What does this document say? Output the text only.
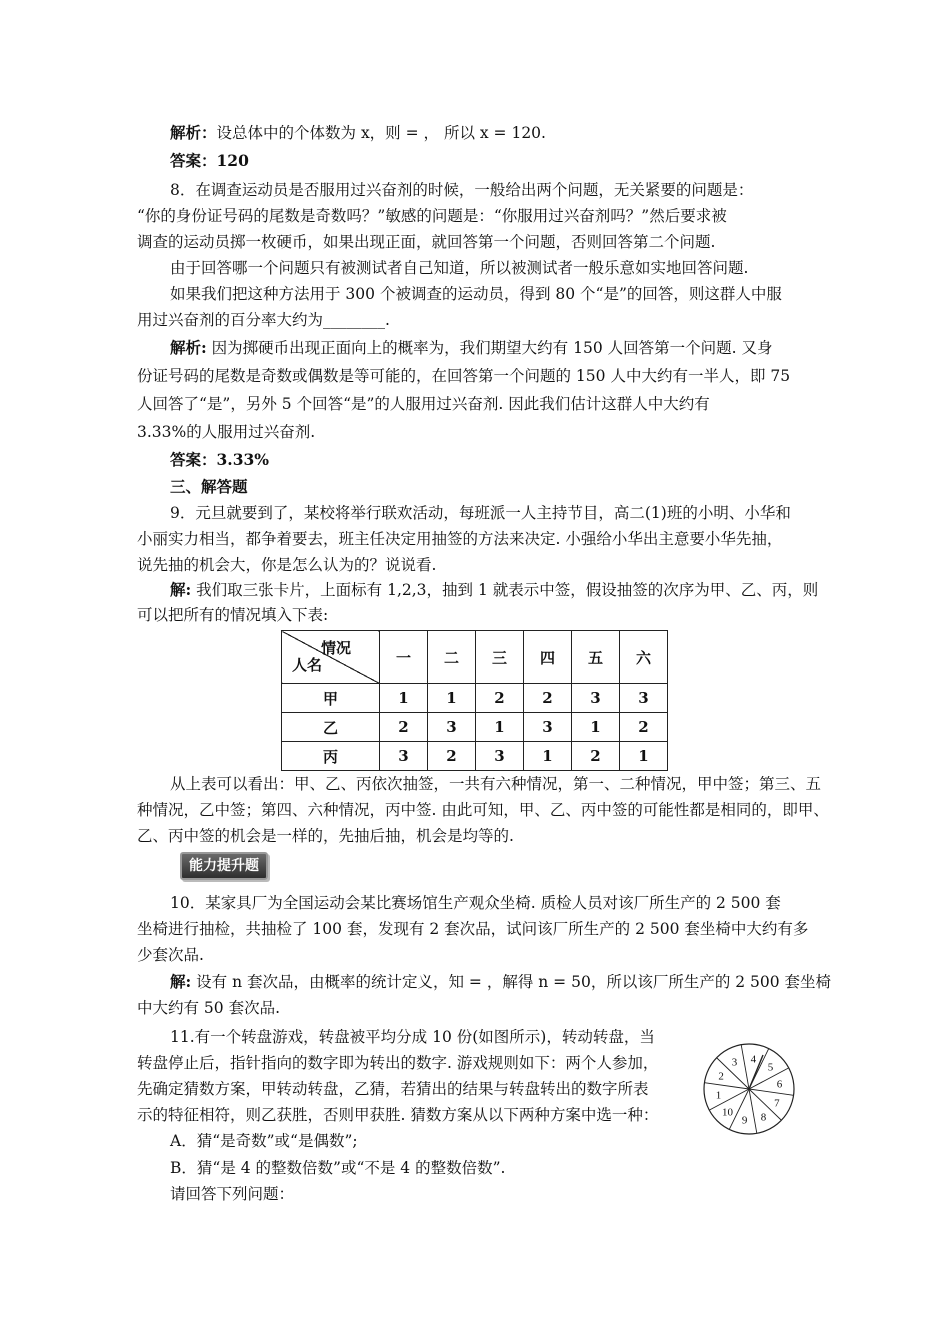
解析：设总体中的个体数为 x，则 = ， 所以 x = 120.
答案：120
8．在调查运动员是否服用过兴奋剂的时候，一般给出两个问题，无关紧要的问题是：
“你的身份证号码的尾数是奇数吗？”敏感的问题是：“你服用过兴奋剂吗？”然后要求被
调查的运动员掷一枚硬币，如果出现正面，就回答第一个问题，否则回答第二个问题.
由于回答哪一个问题只有被测试者自己知道，所以被测试者一般乐意如实地回答问题.
如果我们把这种方法用于 300 个被调查的运动员，得到 80 个“是”的回答，则这群人中服
用过兴奋剂的百分率大约为________.
解析: 因为掷硬币出现正面向上的概率为，我们期望大约有 150 人回答第一个问题. 又身
份证号码的尾数是奇数或偶数是等可能的，在回答第一个问题的 150 人中大约有一半人，即 75
人回答了“是”，另外 5 个回答“是”的人服用过兴奋剂. 因此我们估计这群人中大约有
3.33%的人服用过兴奋剂.
答案：3.33%
三、解答题
9．元旦就要到了，某校将举行联欢活动，每班派一人主持节目，高二(1)班的小明、小华和
小丽实力相当，都争着要去，班主任决定用抽签的方法来决定. 小强给小华出主意要小华先抽，
说先抽的机会大，你是怎么认为的？说说看.
解: 我们取三张卡片，上面标有 1,2,3，抽到 1 就表示中签，假设抽签的次序为甲、乙、丙，则
可以把所有的情况填入下表:
情况
人名	一	二	三	四	五	六
甲	1	1	2	2	3	3
乙	2	3	1	3	1	2
丙	3	2	3	1	2	1
从上表可以看出：甲、乙、丙依次抽签，一共有六种情况，第一、二种情况，甲中签；第三、五
种情况，乙中签；第四、六种情况，丙中签. 由此可知，甲、乙、丙中签的可能性都是相同的，即甲、
乙、丙中签的机会是一样的，先抽后抽，机会是均等的.
能力提升题
10．某家具厂为全国运动会某比赛场馆生产观众坐椅. 质检人员对该厂所生产的 2 500 套
坐椅进行抽检，共抽检了 100 套，发现有 2 套次品，试问该厂所生产的 2 500 套坐椅中大约有多
少套次品.
解: 设有 n 套次品，由概率的统计定义，知 = ，解得 n = 50，所以该厂所生产的 2 500 套坐椅
中大约有 50 套次品.
11.有一个转盘游戏，转盘被平均分成 10 份(如图所示)，转动转盘，当
转盘停止后，指针指向的数字即为转出的数字. 游戏规则如下：两个人参加，
先确定猜数方案，甲转动转盘，乙猜，若猜出的结果与转盘转出的数字所表
示的特征相符，则乙获胜，否则甲获胜. 猜数方案从以下两种方案中选一种：
A．猜“是奇数”或“是偶数”;
B．猜“是 4 的整数倍数”或“不是 4 的整数倍数”.
请回答下列问题：
4
5
6
7
8
9
10
1
2
3
